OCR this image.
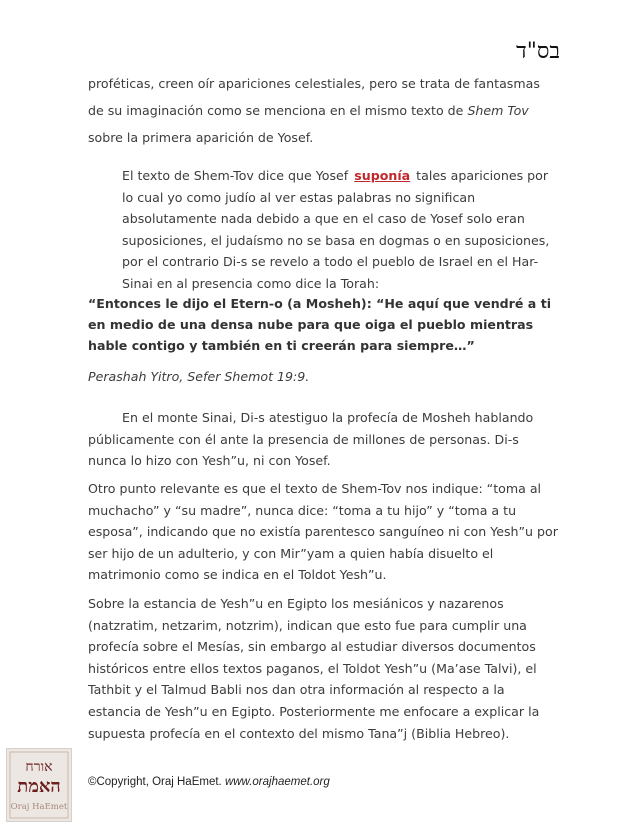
בס"ד

proféticas, creen oír apariciones celestiales, pero se trata de fantasmas de su imaginación como se menciona en el mismo texto de Shem Tov sobre la primera aparición de Yosef.

El texto de Shem-Tov dice que Yosef suponía tales apariciones por lo cual yo como judío al ver estas palabras no significan absolutamente nada debido a que en el caso de Yosef solo eran suposiciones, el judaísmo no se basa en dogmas o en suposiciones, por el contrario Di-s se revelo a todo el pueblo de Israel en el Har-Sinai en al presencia como dice la Torah:

“Entonces le dijo el Etern-o (a Mosheh): “He aquí que vendré a ti en medio de una densa nube para que oiga el pueblo mientras hable contigo y también en ti creerán para siempre…”

Perashah Yitro, Sefer Shemot 19:9.

En el monte Sinai, Di-s atestiguo la profecía de Mosheh hablando públicamente con él ante la presencia de millones de personas. Di-s nunca lo hizo con Yesh”u, ni con Yosef.

Otro punto relevante es que el texto de Shem-Tov nos indique: “toma al muchacho” y “su madre”, nunca dice: “toma a tu hijo” y “toma a tu esposa”, indicando que no existía parentesco sanguíneo ni con Yesh”u por ser hijo de un adulterio, y con Mir”yam a quien había disuelto el matrimonio como se indica en el Toldot Yesh”u.

Sobre la estancia de Yesh”u en Egipto los mesiánicos y nazarenos (natzratim, netzarim, notzrim), indican que esto fue para cumplir una profecía sobre el Mesías, sin embargo al estudiar diversos documentos históricos entre ellos textos paganos, el Toldot Yesh”u (Ma’ase Talvi), el Tathbit y el Talmud Babli nos dan otra información al respecto a la estancia de Yesh”u en Egipto. Posteriormente me enfocare a explicar la supuesta profecía en el contexto del mismo Tana”j (Biblia Hebreo).

אורח
האמת
Oraj HaEmet
©Copyright, Oraj HaEmet. www.orajhaemet.org
